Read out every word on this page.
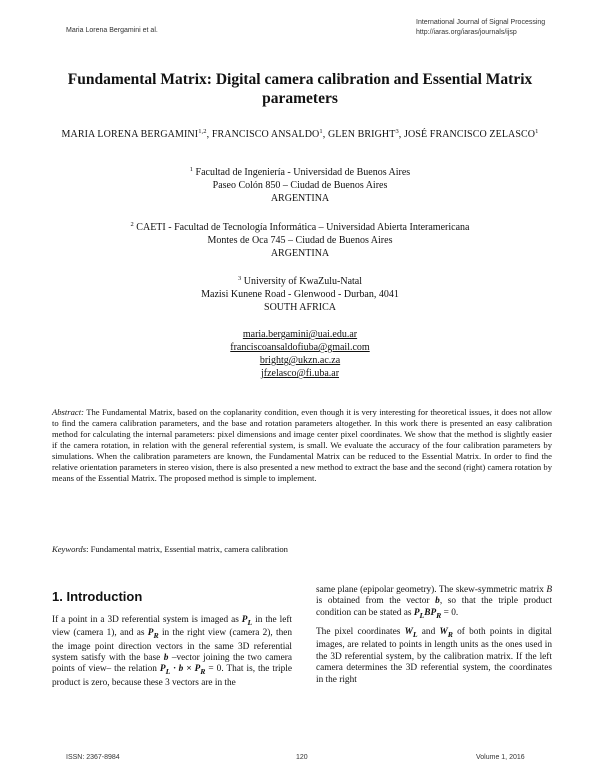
Maria Lorena Bergamini et al.
International Journal of Signal Processing
http://iaras.org/iaras/journals/ijsp
Fundamental Matrix: Digital camera calibration and Essential Matrix parameters
MARIA LORENA BERGAMINI$^{1,2}$, FRANCISCO ANSALDO$^1$, GLEN BRIGHT$^3$, JOSÉ FRANCISCO ZELASCO$^1$
$^1$ Facultad de Ingeniería - Universidad de Buenos Aires
Paseo Colón 850 – Ciudad de Buenos Aires
ARGENTINA
$^2$ CAETI - Facultad de Tecnología Informática – Universidad Abierta Interamericana
Montes de Oca 745 – Ciudad de Buenos Aires
ARGENTINA
$^3$ University of KwaZulu-Natal
Mazisi Kunene Road - Glenwood - Durban, 4041
SOUTH AFRICA
maria.bergamini@uai.edu.ar
franciscoansaldofiuba@gmail.com
brightg@ukzn.ac.za
jfzelasco@fi.uba.ar
Abstract: The Fundamental Matrix, based on the coplanarity condition, even though it is very interesting for theoretical issues, it does not allow to find the camera calibration parameters, and the base and rotation parameters altogether. In this work there is presented an easy calibration method for calculating the internal parameters: pixel dimensions and image center pixel coordinates. We show that the method is slightly easier if the camera rotation, in relation with the general referential system, is small. We evaluate the accuracy of the four calibration parameters by simulations. When the calibration parameters are known, the Fundamental Matrix can be reduced to the Essential Matrix. In order to find the relative orientation parameters in stereo vision, there is also presented a new method to extract the base and the second (right) camera rotation by means of the Essential Matrix. The proposed method is simple to implement.
Keywords: Fundamental matrix, Essential matrix, camera calibration
1. Introduction

If a point in a 3D referential system is imaged as $P_L$ in the left view (camera 1), and as $P_R$ in the right view (camera 2), then the image point direction vectors in the same 3D referential system satisfy with the base b –vector joining the two camera points of view– the relation $P_L \cdot b \times P_R = 0$. That is, the triple product is zero, because these 3 vectors are in the

same plane (epipolar geometry). The skew-symmetric matrix B is obtained from the vector b, so that the triple product condition can be stated as $P_LBP_R = 0$.

The pixel coordinates $W_L$ and $W_R$ of both points in digital images, are related to points in length units as the ones used in the 3D referential system, by the calibration matrix. If the left camera determines the 3D referential system, the coordinates in the right

ISSN: 2367-8984	120	Volume 1, 2016
